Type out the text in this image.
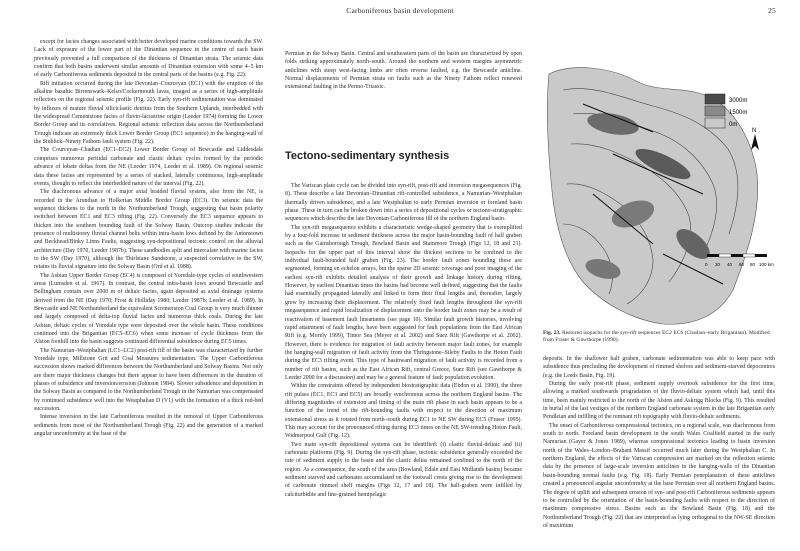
Carboniferous basin development	25

except for facies changes associated with better developed marine conditions towards the SW. Lack of exposure of the lower part of the Dinantian sequence in the centre of each basin previously prevented a full comparison of the thickness of Dinantian strata. The seismic data confirm that both basins underwent similar amounts of Dinantian extension with some 4–5 km of early Carboniferous sediments deposited in the central parts of the basins (e.g. Fig. 22).

Rift initiation occurred during the late Devonian–Courceyan (EC1) with the eruption of the alkaline basaltic Birrenswark–Kelso/Cockermouth lavas, imaged as a series of high-amplitude reflectors on the regional seismic profile (Fig. 22). Early syn-rift sedimentation was dominated by influxes of mature fluvial siliciclastic detritus from the Southern Uplands, interbedded with the widespread Cementstone facies of fluvio-lacustrine origin (Leeder 1974) forming the Lower Border Group and its correlatives. Regional seismic reflection data across the Northumberland Trough indicate an extremely thick Lower Border Group (EC1 sequence) in the hanging-wall of the Stublick–Ninety Fathom fault system (Fig. 22).

The Courceyan–Chadian (EC1–EC2) Lower Border Group of Bewcastle and Liddesdale comprises numerous peritidal carbonate and clastic deltaic cycles formed by the periodic advance of lobate deltas from the NE (Leeder 1974, Leeder et al. 1989). On regional seismic data these facies are represented by a series of stacked, laterally continuous, high-amplitude events, thought to reflect the interbedded nature of the interval (Fig. 22).

The diachronous advance of a major axial braided fluvial system, also from the NE, is recorded in the Arundian to Holkerian Middle Border Group (EC3). On seismic data the sequence thickens to the north in the Northumberland Trough, suggesting that basin polarity switched between EC1 and EC3 rifting (Fig. 22). Conversely the EC3 sequence appears to thicken into the southern bounding fault of the Solway Basin. Outcrop studies indicate the presence of multistorey fluvial channel belts within intra-basin lows defined by the Antonstown and Beckhead/Binky Linns Faults, suggesting syn-depositional tectonic control on the alluvial architecture (Day 1970, Leeder 1987b). These sandbodies split and intercalate with marine facies to the SW (Day 1970), although the Thirlstane Sandstone, a suspected correlative to the SW, retains its fluvial signature into the Solway Basin (Ord et al. 1988).

The Asbian Upper Border Group (EC4) is composed of Yoredale-type cycles of southwestern areas (Lumsden et al. 1967). In contrast, the central intra-basin lows around Bewcastle and Bellingham contain over 2000 m of deltaic facies, again deposited as axial drainage systems derived from the NE (Day 1970; Frost & Holliday 1980; Leeder 1987b; Leeder et al. 1989). In Bewcastle and NE Northumberland the equivalent Scremerston Coal Group is very much thinner and largely composed of delta-top fluvial facies and numerous thick coals. During the late Asbian, deltaic cycles of Yoredale type were deposited over the whole basin. These conditions continued into the Brigantian (EC5–EC6) when some increase of cycle thickness from the Alston foothill into the basin suggests continued differential subsidence during EC5 times.

The Namurian–Westphalian (LC1–LC2) post-rift fill of the basin was characterized by further Yoredale type, Millstone Grit and Coal Measures sedimentation. The Upper Carboniferous succession shows marked differences between the Northumberland and Solway Basins. Not only are there major thickness changes but there appear to have been differences in the duration of phases of subsidence and inversion/erosion (Johnson 1984). Slower subsidence and deposition in the Solway Basin as compared to the Northumberland Trough in the Namurian was compensated by continued subsidence well into the Westphalian D (V1) with the formation of a thick red-bed succession.

Intense inversion in the late Carboniferous resulted in the removal of Upper Carboniferous sediments from most of the Northumberland Trough (Fig. 22) and the generation of a marked angular unconformity at the base of the

Permian in the Solway Basin. Central and southeastern parts of the basin are characterized by open folds striking approximately north–south. Around the northern and western margins asymmetric anticlines with steep west-facing limbs are often reverse faulted, e.g. the Bewcastle anticline. Normal displacements of Permian strata on faults such as the Ninety Fathom reflect renewed extensional faulting in the Permo-Triassic.

Tectono-sedimentary synthesis

The Variscan plate cycle can be divided into syn-rift, post-rift and inversion megasequences (Fig. 8). These describe a late Devonian–Dinantian rift-controlled subsidence, a Namurian–Westphalian thermally driven subsidence, and a late Westphalian to early Permian inversion or foreland basin phase. These in turn can be broken down into a series of depositional cycles or tectono-stratigraphic sequences which describe the late Devonian Carboniferous fill of the northern England basin.

The syn-rift megasequence exhibits a characteristic wedge-shaped geometry that is exemplified by a four-fold increase in sediment thickness across the major basin-bounding fault of half graben such as the Gainsborough Trough, Bowland Basin and Stainmore Trough (Figs 12, 18 and 21). Isopachs for the upper part of this interval show the thickest sections to be confined to the individual fault-bounded half graben (Fig. 23). The border fault zones bounding these are segmented, forming en echelon arrays, but the sparse 2D seismic coverage and poor imaging of the earliest syn-rift exhibits detailed analysis of their growth and linkage history during rifting. However, by earliest Dinantian times the basins had become well defined, suggesting that the faults had essentially propagated laterally and linked to form their final lengths and, thereafter, largely grew by increasing their displacement. The relatively fixed fault lengths throughout the syn-rift megasequence and rapid localization of displacement onto the border fault zones may be a result of reactivation of basement fault lineaments (see page 10). Similar fault growth histories, involving rapid attainment of fault lengths, have been suggested for fault populations from the East African Rift (e.g. Morely 1999), Timor Sea (Meyer et al. 2002) and Suez Rift (Gawthorpe et al. 2002). However, there is evidence for migration of fault activity between major fault zones, for example the hanging-wall migration of fault activity from the Thringstone–Sileby Faults to the Hoton Fault during the EC3 rifting event. This type of basinward migration of fault activity is recorded from a number of rift basins, such as the East African Rift, central Greece, Suez Rift (see Gawthorpe & Leeder 2000 for a discussion) and may be a general feature of fault population evolution.

Within the constraints offered by independent biostratigraphic data (Ebdon et al. 1990), the three rift pulses (EC1, EC3 and EC5) are broadly synchronous across the northern England basins. The differing magnitudes of extension and timing of the main rift phase in each basin appears to be a function of the trend of the rift-bounding faults with respect to the direction of maximum extensional stress as it rotated from north–south during EC1 to NE SW during EC5 (Fraser 1995). This may account for the pronounced rifting during EC3 times on the NE SW-trending Hoton Fault, Widmerpool Gulf (Fig. 12).

Two main syn-rift depositional systems can be identified: (i) clastic fluvial-deltaic and (ii) carbonate platforms (Fig. 9). During the syn-rift phase, tectonic subsidence generally exceeded the rate of sediment supply to the basin and the clastic deltas remained confined to the north of the region. As a consequence, the south of the area (Bowland, Edale and East Midlands basins) became sediment starved and carbonates accumulated on the footwall crests giving rise to the development of carbonate rimmed shelf margins (Figs 12, 17 and 18). The half-graben were infilled by calciturbidite and fine-grained hemipelagic

3000m
1500m
0m
N
0 20 40 60 80 100 km
Fig. 23. Restored isopachs for the syn-rift sequences EC2 EC6 (Chadian–early Brigantian). Modified from Fraser & Gawthorpe (1990).

deposits. In the shallower half graben, carbonate sedimentation was able to keep pace with subsidence thus precluding the development of rimmed shelves and sediment-starved depocentres (e.g. the Leeds Basin, Fig. 19).

During the early post-rift phase, sediment supply overtook subsidence for the first time, allowing a marked southwards progradation of the fluvio-deltaic system which had, until this time, been mainly restricted to the north of the Alston and Askrigg Blocks (Fig. 9). This resulted in burial of the last vestiges of the northern England carbonate system in the late Brigantian early Pendleian and infilling of the remnant rift topography with fluvio-deltaic sediments.

The onset of Carboniferous compressional tectonics, on a regional scale, was diachronous from south to north. Foreland basin development in the south Wales Coalfield started in the early Namurian (Gayer & Jones 1989), whereas compressional tectonics leading to basin inversion north of the Wales–London–Brabant Massif occurred much later during the Westphalian C. In northern England, the effects of the Variscan compression are marked on the reflection seismic data by the presence of large-scale inversion anticlines in the hanging-walls of the Dinantian basin-bounding normal faults (e.g. Fig. 18). Early Permian peneplanation of these anticlines created a pronounced angular unconformity at the base Permian over all northern England basins. The degree of uplift and subsequent erosion of syn- and post-rift Carboniferous sediments appears to be controlled by the orientation of the basin-bounding faults with respect to the direction of maximum compressive stress. Basins such as the Bowland Basin (Fig. 18) and the Northumberland Trough (Fig. 22) that are interpreted as lying orthogonal to the NW-SE direction of maximum
